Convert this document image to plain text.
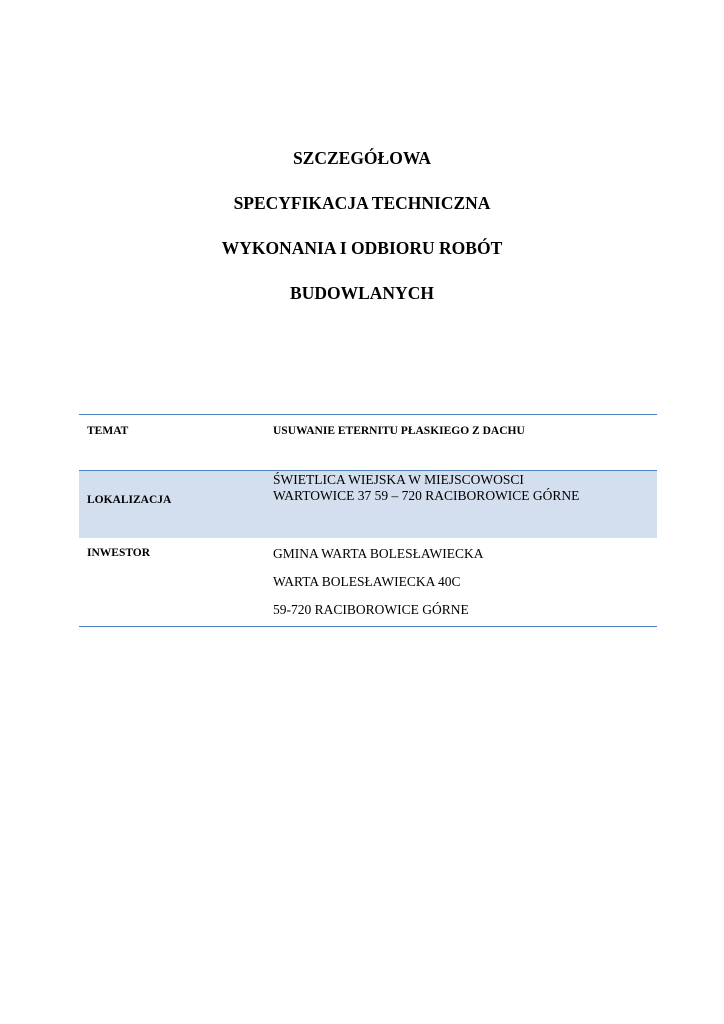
SZCZEGÓŁOWA
SPECYFIKACJA TECHNICZNA
WYKONANIA I ODBIORU ROBÓT
BUDOWLANYCH
TEMAT	USUWANIE ETERNITU PŁASKIEGO Z DACHU
LOKALIZACJA
ŚWIETLICA WIEJSKA W MIEJSCOWOSCI
WARTOWICE 37 59 – 720 RACIBOROWICE GÓRNE
INWESTOR	GMINA WARTA BOLESŁAWIECKA
WARTA BOLESŁAWIECKA 40C
59-720 RACIBOROWICE GÓRNE
